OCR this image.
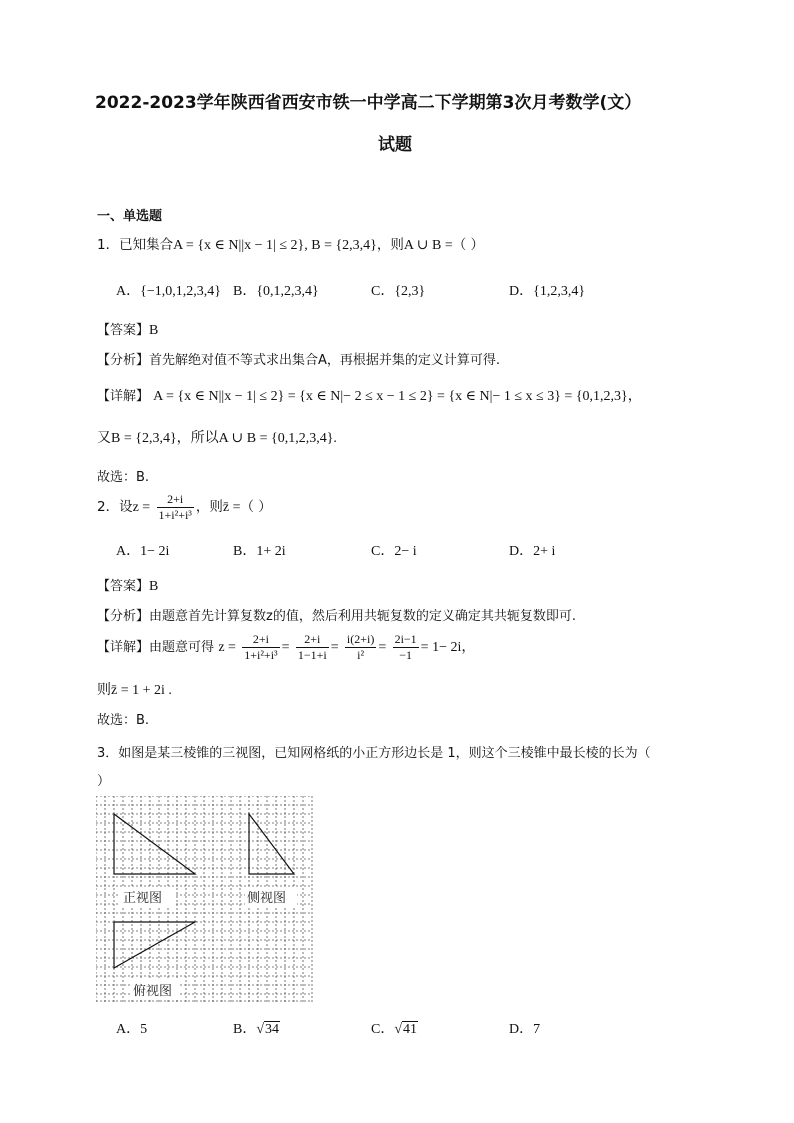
2022-2023学年陕西省西安市铁一中学高二下学期第3次月考数学(文）
试题
一、单选题
1．已知集合A = {x ∈ N||x − 1| ≤ 2}, B = {2,3,4}，则A ∪ B =（ ）
A．{−1,0,1,2,3,4} B．{0,1,2,3,4}	C．{2,3}	D．{1,2,3,4}
【答案】B
【分析】首先解绝对值不等式求出集合A，再根据并集的定义计算可得.
【详解】 A = {x ∈ N||x − 1| ≤ 2} = {x ∈ N|− 2 ≤ x − 1 ≤ 2} = {x ∈ N|− 1 ≤ x ≤ 3} = {0,1,2,3}，
又B = {2,3,4}，所以A ∪ B = {0,1,2,3,4}.
故选：B.
2．设$z = \frac{2+i}{\text{1+i²+i³}}$ ，则z̄ =（ ）
A．1− 2i	B．1+ 2i	C．2− i	D．2+ i
【答案】B
【分析】由题意首先计算复数z的值，然后利用共轭复数的定义确定其共轭复数即可.
【详解】由题意可得 $z = \frac{2+i}{\text{1+i²+i³}} = \frac{2+i}{1-1+i} = \frac{i(2+i)}{\text{i²}} = \frac{2i-1}{-1} = 1- 2i$，
则z̄ = 1 + 2i .
故选：B.
3．如图是某三棱锥的三视图，已知网格纸的小正方形边长是 1，则这个三棱锥中最长棱的长为（
）
正视图	侧视图
俯视图
A．5	B．√34	C．√41	D．7
